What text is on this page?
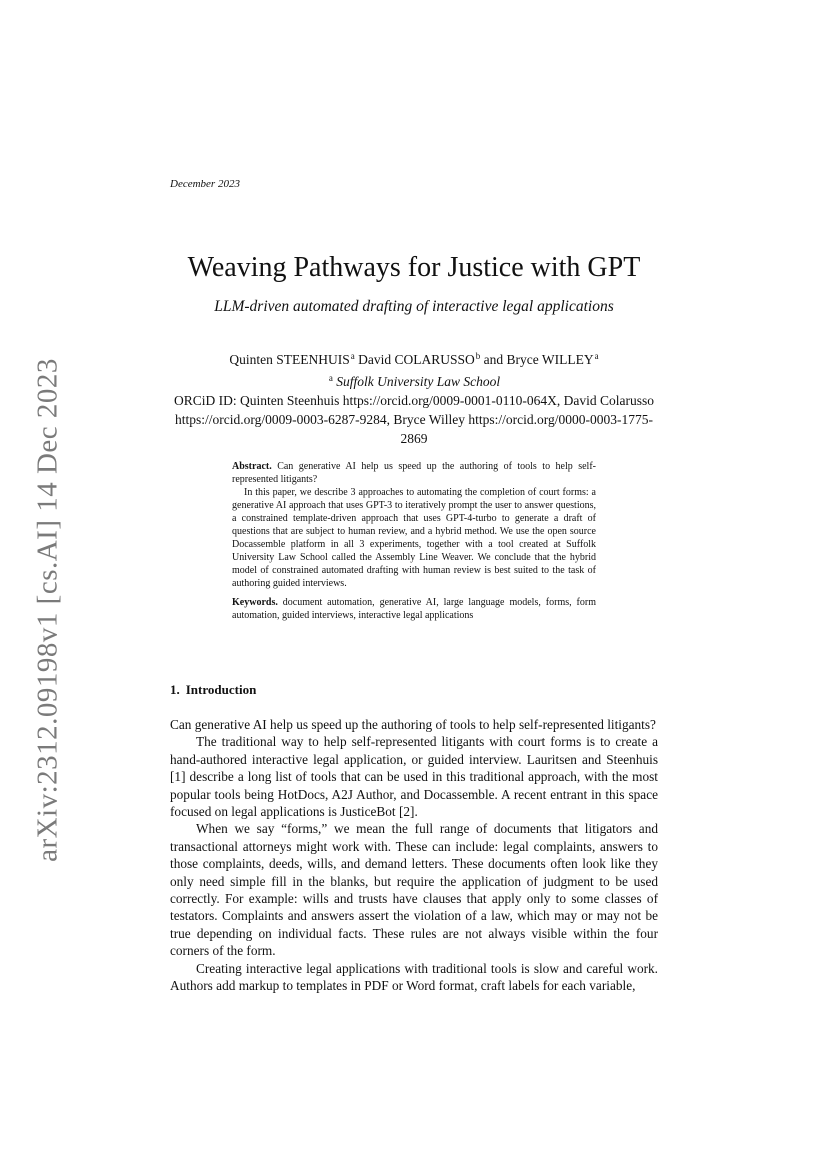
arXiv:2312.09198v1 [cs.AI] 14 Dec 2023
December 2023
Weaving Pathways for Justice with GPT
LLM-driven automated drafting of interactive legal applications
Quinten STEENHUIS$^a$ David COLARUSSO$^b$ and Bryce WILLEY$^a$
$^a$ Suffolk University Law School
ORCiD ID: Quinten Steenhuis https://orcid.org/0009-0001-0110-064X, David Colarusso https://orcid.org/0009-0003-6287-9284, Bryce Willey https://orcid.org/0000-0003-1775-2869

Abstract. Can generative AI help us speed up the authoring of tools to help self-represented litigants?

In this paper, we describe 3 approaches to automating the completion of court forms: a generative AI approach that uses GPT-3 to iteratively prompt the user to answer questions, a constrained template-driven approach that uses GPT-4-turbo to generate a draft of questions that are subject to human review, and a hybrid method. We use the open source Docassemble platform in all 3 experiments, together with a tool created at Suffolk University Law School called the Assembly Line Weaver. We conclude that the hybrid model of constrained automated drafting with human review is best suited to the task of authoring guided interviews.

Keywords. document automation, generative AI, large language models, forms, form automation, guided interviews, interactive legal applications

1. Introduction

Can generative AI help us speed up the authoring of tools to help self-represented litigants?

The traditional way to help self-represented litigants with court forms is to create a hand-authored interactive legal application, or guided interview. Lauritsen and Steenhuis [1] describe a long list of tools that can be used in this traditional approach, with the most popular tools being HotDocs, A2J Author, and Docassemble. A recent entrant in this space focused on legal applications is JusticeBot [2].

When we say “forms,” we mean the full range of documents that litigators and transactional attorneys might work with. These can include: legal complaints, answers to those complaints, deeds, wills, and demand letters. These documents often look like they only need simple fill in the blanks, but require the application of judgment to be used correctly. For example: wills and trusts have clauses that apply only to some classes of testators. Complaints and answers assert the violation of a law, which may or may not be true depending on individual facts. These rules are not always visible within the four corners of the form.

Creating interactive legal applications with traditional tools is slow and careful work. Authors add markup to templates in PDF or Word format, craft labels for each variable,
